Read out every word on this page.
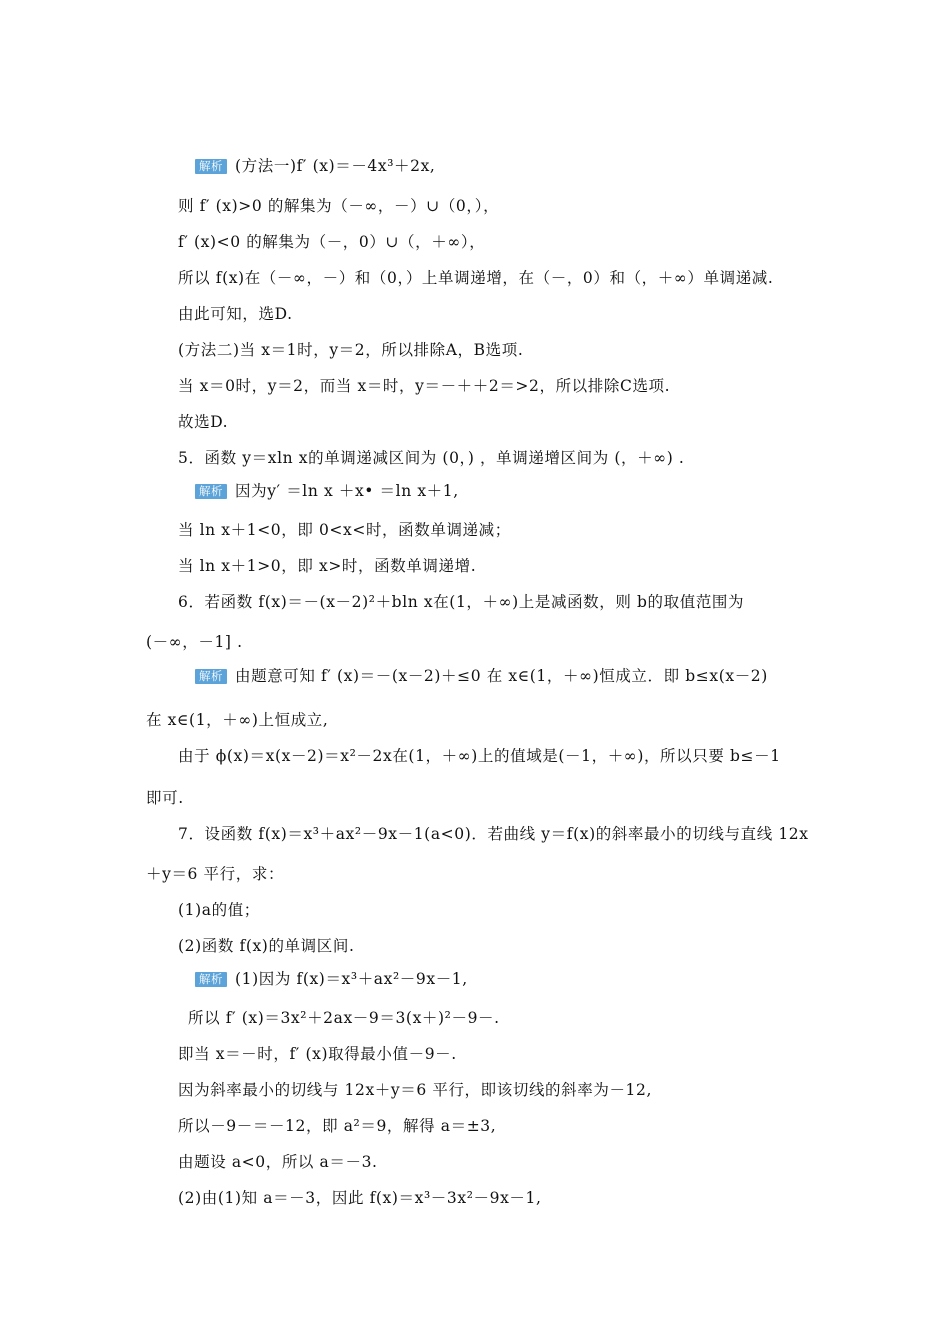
解析 (方法一)f′ (x)＝－4x³＋2x,
则 f′ (x)>0 的解集为（－∞，－）∪（0，），
f′ (x)<0 的解集为（－，0）∪（，＋∞），
所以 f(x)在（－∞，－）和（0，）上单调递增，在（－，0）和（，＋∞）单调递减.
由此可知，选D.
(方法二)当 x＝1时，y＝2，所以排除A，B选项.
当 x＝0时，y＝2，而当 x＝时，y＝－＋＋2＝>2，所以排除C选项.
故选D.
5．函数 y＝xln x的单调递减区间为 (0，) ，单调递增区间为 (，＋∞) .
解析 因为y′ ＝ln x ＋x• ＝ln x＋1,
当 ln x＋1<0，即 0<x<时，函数单调递减；
当 ln x＋1>0，即 x>时，函数单调递增.
6．若函数 f(x)＝－(x－2)²＋bln x在(1，＋∞)上是减函数，则 b的取值范围为
(－∞，－1] .
解析 由题意可知 f′ (x)＝－(x－2)＋≤0 在 x∈(1，＋∞)恒成立．即 b≤x(x－2)
在 x∈(1，＋∞)上恒成立,
由于 ϕ(x)＝x(x－2)＝x²－2x在(1，＋∞)上的值域是(－1，＋∞)，所以只要 b≤－1
即可.
7．设函数 f(x)＝x³＋ax²－9x－1(a<0)．若曲线 y＝f(x)的斜率最小的切线与直线 12x
＋y＝6 平行，求：
(1)a的值；
(2)函数 f(x)的单调区间.
解析 (1)因为 f(x)＝x³＋ax²－9x－1,
所以 f′ (x)＝3x²＋2ax－9＝3(x＋)²－9－.
即当 x＝－时，f′ (x)取得最小值－9－.
因为斜率最小的切线与 12x＋y＝6 平行，即该切线的斜率为－12,
所以－9－＝－12，即 a²＝9，解得 a＝±3,
由题设 a<0，所以 a＝－3.
(2)由(1)知 a＝－3，因此 f(x)＝x³－3x²－9x－1,
